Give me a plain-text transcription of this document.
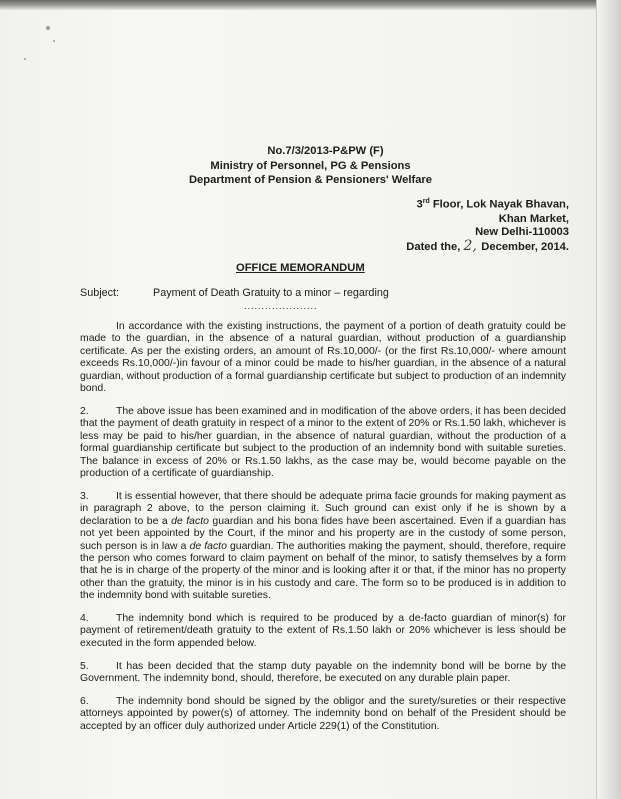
No.7/3/2013-P&PW (F)
Ministry of Personnel, PG & Pensions
Department of Pension & Pensioners' Welfare
3rd Floor, Lok Nayak Bhavan,
Khan Market,
New Delhi-110003
Dated the, 2, December, 2014.
OFFICE MEMORANDUM
Subject:	Payment of Death Gratuity to a minor – regarding
.....................

In accordance with the existing instructions, the payment of a portion of death gratuity could be made to the guardian, in the absence of a natural guardian, without production of a guardianship certificate. As per the existing orders, an amount of Rs.10,000/- (or the first Rs.10,000/- where amount exceeds Rs.10,000/-)in favour of a minor could be made to his/her guardian, in the absence of a natural guardian, without production of a formal guardianship certificate but subject to production of an indemnity bond.

2.	The above issue has been examined and in modification of the above orders, it has been decided that the payment of death gratuity in respect of a minor to the extent of 20% or Rs.1.50 lakh, whichever is less may be paid to his/her guardian, in the absence of natural guardian, without the production of a formal guardianship certificate but subject to the production of an indemnity bond with suitable sureties. The balance in excess of 20% or Rs.1.50 lakhs, as the case may be, would become payable on the production of a certificate of guardianship.

3.	It is essential however, that there should be adequate prima facie grounds for making payment as in paragraph 2 above, to the person claiming it. Such ground can exist only if he is shown by a declaration to be a de facto guardian and his bona fides have been ascertained. Even if a guardian has not yet been appointed by the Court, if the minor and his property are in the custody of some person, such person is in law a de facto guardian. The authorities making the payment, should, therefore, require the person who comes forward to claim payment on behalf of the minor, to satisfy themselves by a form that he is in charge of the property of the minor and is looking after it or that, if the minor has no property other than the gratuity, the minor is in his custody and care. The form so to be produced is in addition to the indemnity bond with suitable sureties.

4.	The indemnity bond which is required to be produced by a de-facto guardian of minor(s) for payment of retirement/death gratuity to the extent of Rs.1.50 lakh or 20% whichever is less should be executed in the form appended below.

5.	It has been decided that the stamp duty payable on the indemnity bond will be borne by the Government. The indemnity bond, should, therefore, be executed on any durable plain paper.

6.	The indemnity bond should be signed by the obligor and the surety/sureties or their respective attorneys appointed by power(s) of attorney. The indemnity bond on behalf of the President should be accepted by an officer duly authorized under Article 229(1) of the Constitution.
